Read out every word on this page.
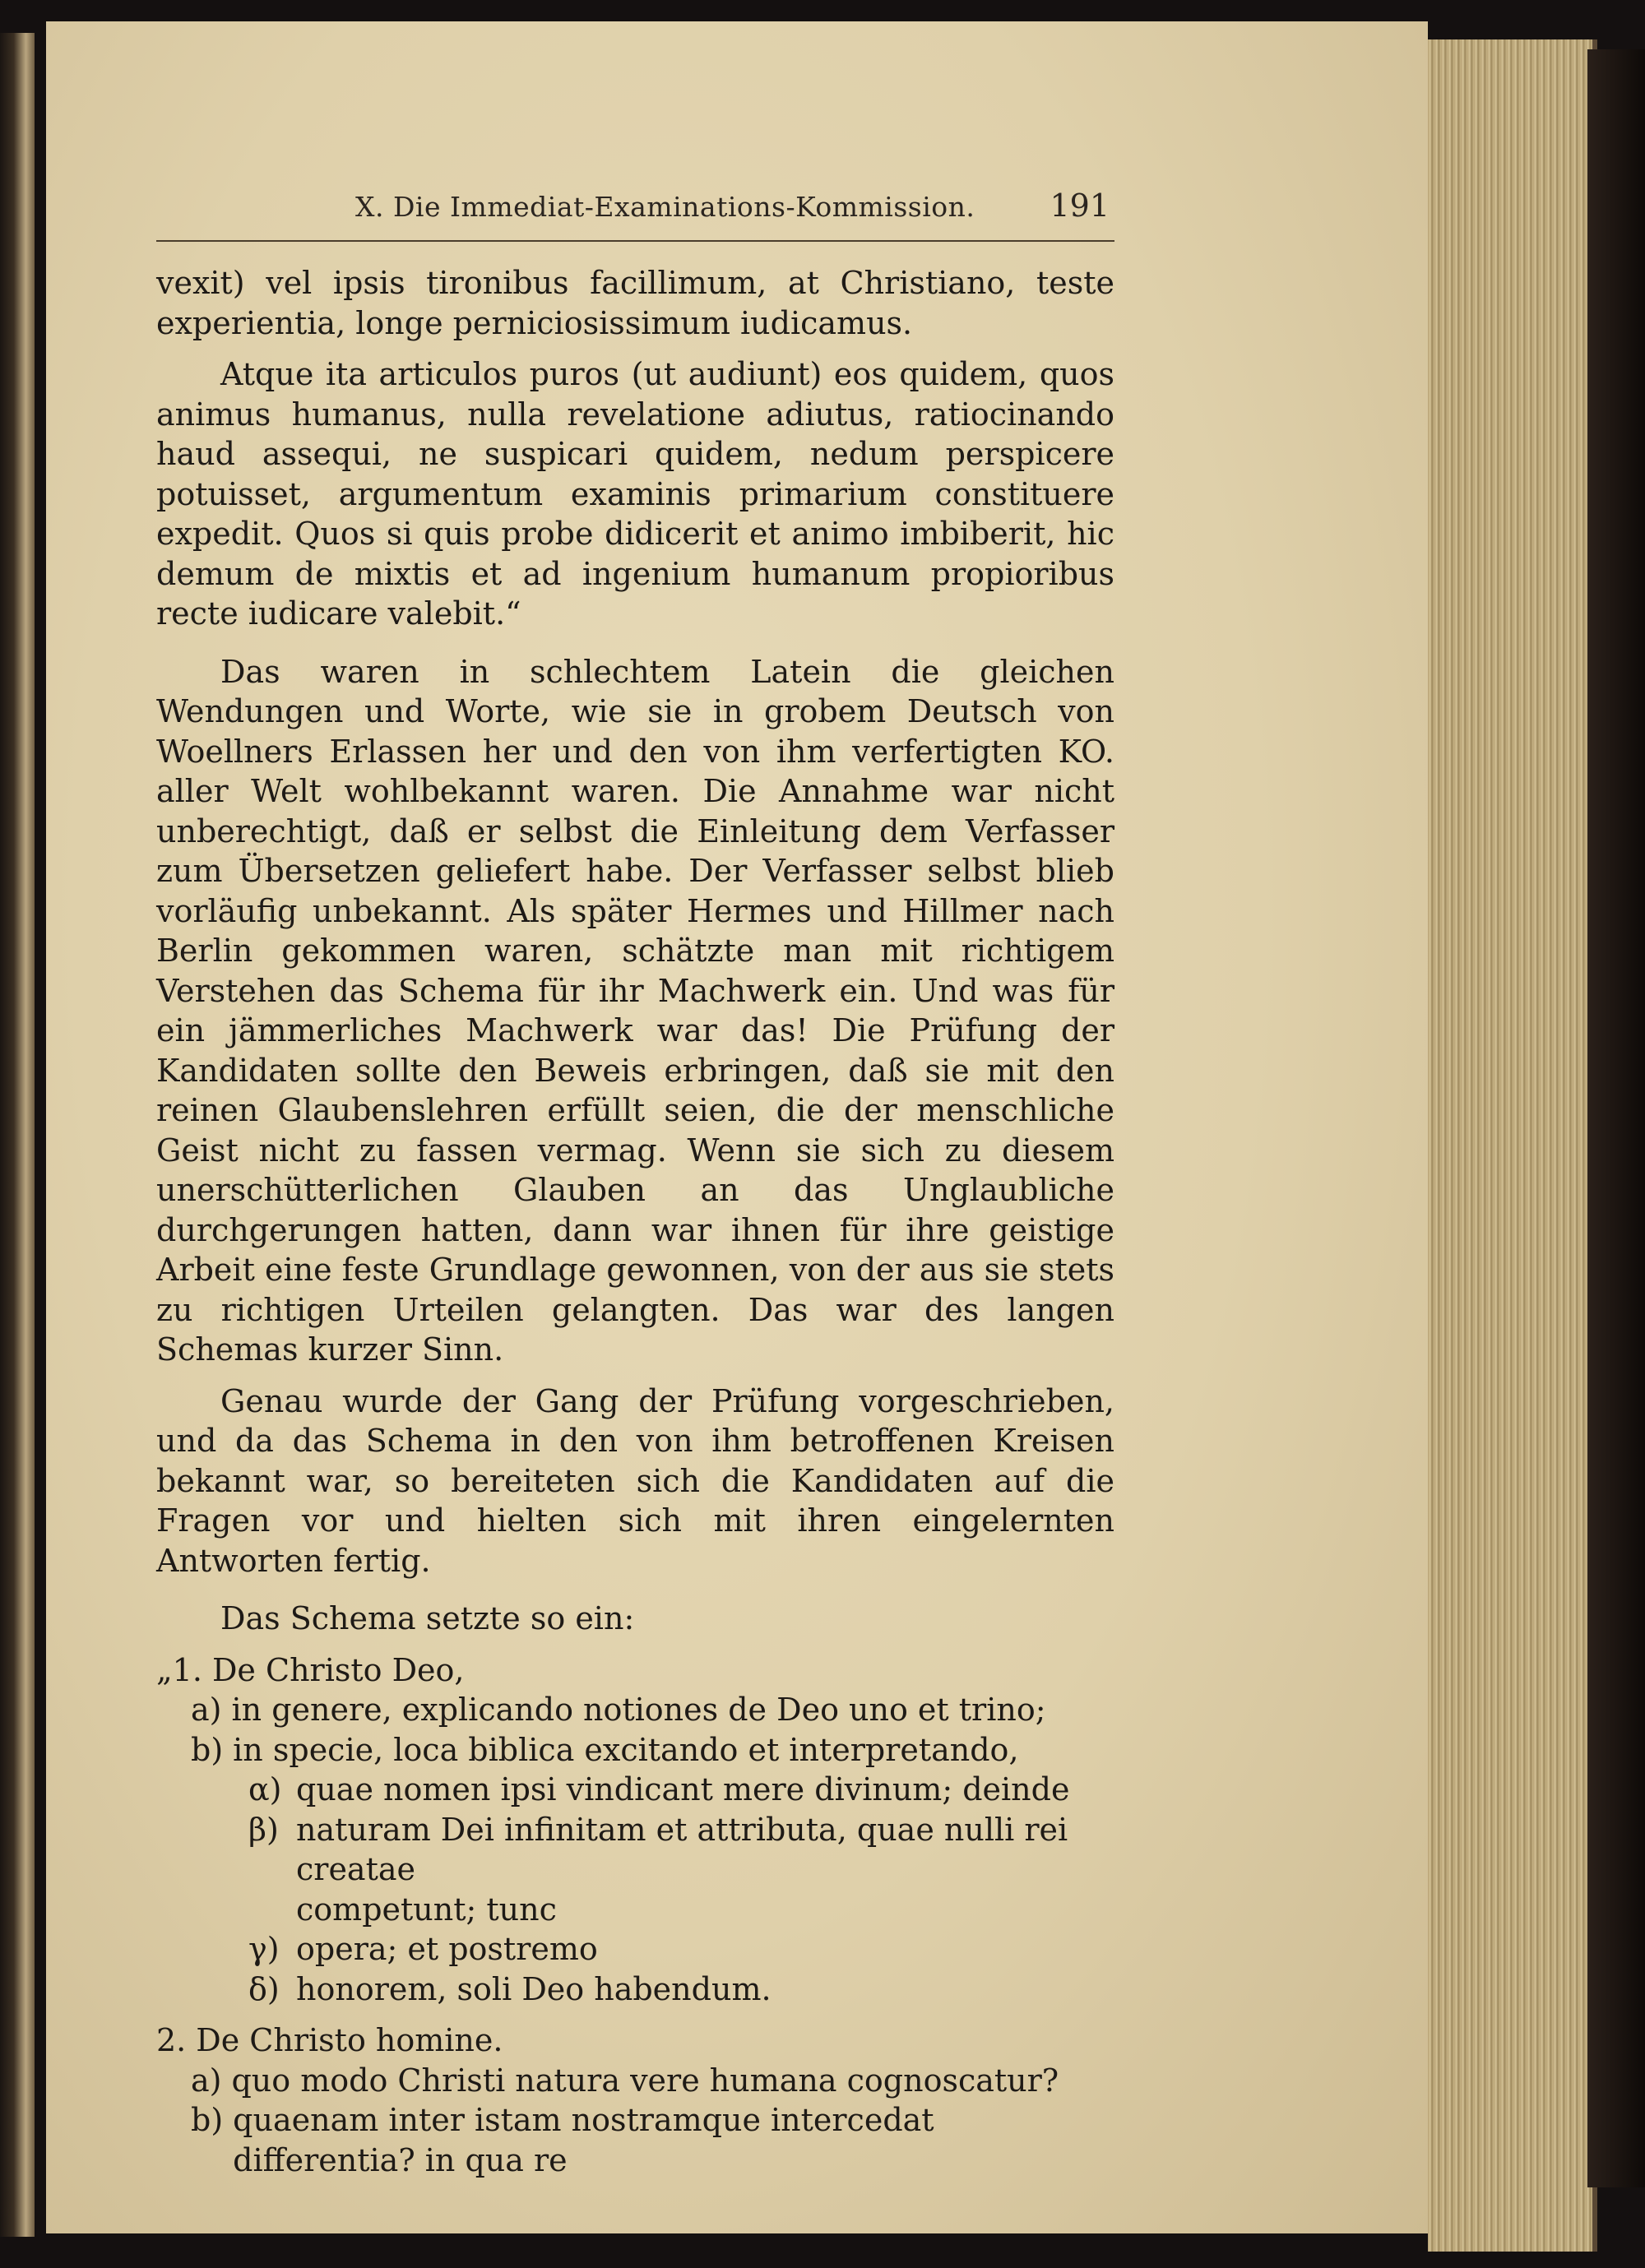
X. Die Immediat-Examinations-Kommission. 191

vexit) vel ipsis tironibus facillimum, at Christiano, teste experientia, longe perniciosissimum iudicamus.

Atque ita articulos puros (ut audiunt) eos quidem, quos animus humanus, nulla revelatione adiutus, ratiocinando haud assequi, ne suspicari quidem, nedum perspicere potuisset, argumentum examinis primarium constituere expedit. Quos si quis probe didicerit et animo imbiberit, hic demum de mixtis et ad ingenium humanum propioribus recte iudicare valebit.“

Das waren in schlechtem Latein die gleichen Wendungen und Worte, wie sie in grobem Deutsch von Woellners Erlassen her und den von ihm verfertigten KO. aller Welt wohlbekannt waren. Die Annahme war nicht unberechtigt, daß er selbst die Einleitung dem Verfasser zum Übersetzen geliefert habe. Der Verfasser selbst blieb vorläufig unbekannt. Als später Hermes und Hillmer nach Berlin gekommen waren, schätzte man mit richtigem Verstehen das Schema für ihr Machwerk ein. Und was für ein jämmerliches Machwerk war das! Die Prüfung der Kandidaten sollte den Beweis erbringen, daß sie mit den reinen Glaubenslehren erfüllt seien, die der menschliche Geist nicht zu fassen vermag. Wenn sie sich zu diesem unerschütterlichen Glauben an das Unglaubliche durchgerungen hatten, dann war ihnen für ihre geistige Arbeit eine feste Grundlage gewonnen, von der aus sie stets zu richtigen Urteilen gelangten. Das war des langen Schemas kurzer Sinn.

Genau wurde der Gang der Prüfung vorgeschrieben, und da das Schema in den von ihm betroffenen Kreisen bekannt war, so bereiteten sich die Kandidaten auf die Fragen vor und hielten sich mit ihren eingelernten Antworten fertig.

Das Schema setzte so ein:

„1. De Christo Deo,
a) in genere, explicando notiones de Deo uno et trino;
b) in specie, loca biblica excitando et interpretando,
α) quae nomen ipsi vindicant mere divinum; deinde
β) naturam Dei infinitam et attributa, quae nulli rei creatae
competunt; tunc
γ) opera; et postremo
δ) honorem, soli Deo habendum.
2. De Christo homine.
a) quo modo Christi natura vere humana cognoscatur?
b) quaenam inter istam nostramque intercedat differentia? in qua re
